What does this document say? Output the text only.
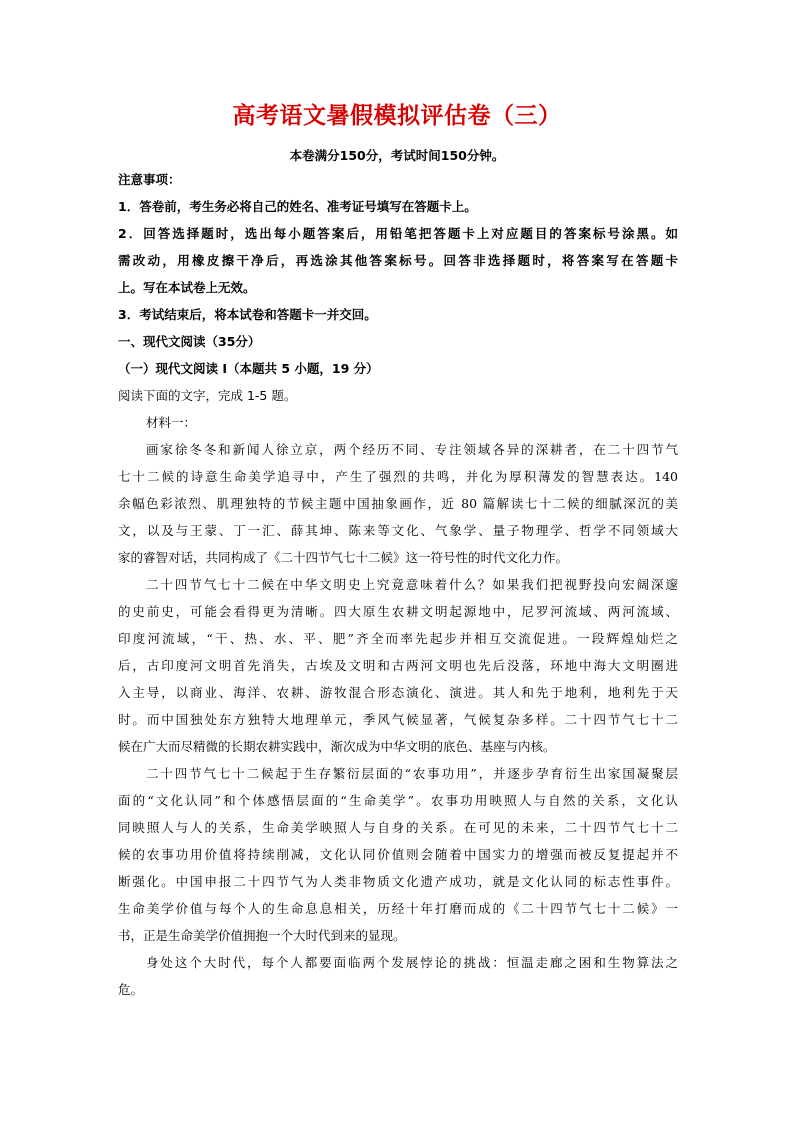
高考语文暑假模拟评估卷（三）

本卷满分150分，考试时间150分钟。

注意事项：

1．答卷前，考生务必将自己的姓名、准考证号填写在答题卡上。

2．回答选择题时，选出每小题答案后，用铅笔把答题卡上对应题目的答案标号涂黑。如

需改动，用橡皮擦干净后，再选涂其他答案标号。回答非选择题时，将答案写在答题卡

上。写在本试卷上无效。

3．考试结束后，将本试卷和答题卡一并交回。

一、现代文阅读（35分）

（一）现代文阅读 I（本题共 5 小题，19 分）

阅读下面的文字，完成 1-5 题。

材料一：

画家徐冬冬和新闻人徐立京，两个经历不同、专注领域各异的深耕者，在二十四节气

七十二候的诗意生命美学追寻中，产生了强烈的共鸣，并化为厚积薄发的智慧表达。140

余幅色彩浓烈、肌理独特的节候主题中国抽象画作，近 80 篇解读七十二候的细腻深沉的美

文，以及与王蒙、丁一汇、薛其坤、陈来等文化、气象学、量子物理学、哲学不同领域大

家的睿智对话，共同构成了《二十四节气七十二候》这一符号性的时代文化力作。

二十四节气七十二候在中华文明史上究竟意味着什么？如果我们把视野投向宏阔深邃

的史前史，可能会看得更为清晰。四大原生农耕文明起源地中，尼罗河流域、两河流域、

印度河流域，“干、热、水、平、肥”齐全而率先起步并相互交流促进。一段辉煌灿烂之

后，古印度河文明首先消失，古埃及文明和古两河文明也先后没落，环地中海大文明圈进

入主导，以商业、海洋、农耕、游牧混合形态演化、演进。其人和先于地利，地利先于天

时。而中国独处东方独特大地理单元，季风气候显著，气候复杂多样。二十四节气七十二

候在广大而尽精微的长期农耕实践中，渐次成为中华文明的底色、基座与内核。

二十四节气七十二候起于生存繁衍层面的“农事功用”，并逐步孕育衍生出家国凝聚层

面的“文化认同”和个体感悟层面的“生命美学”。农事功用映照人与自然的关系，文化认

同映照人与人的关系，生命美学映照人与自身的关系。在可见的未来，二十四节气七十二

候的农事功用价值将持续削减，文化认同价值则会随着中国实力的增强而被反复提起并不

断强化。中国申报二十四节气为人类非物质文化遗产成功，就是文化认同的标志性事件。

生命美学价值与每个人的生命息息相关，历经十年打磨而成的《二十四节气七十二候》一

书，正是生命美学价值拥抱一个大时代到来的显现。

身处这个大时代，每个人都要面临两个发展悖论的挑战：恒温走廊之困和生物算法之

危。
